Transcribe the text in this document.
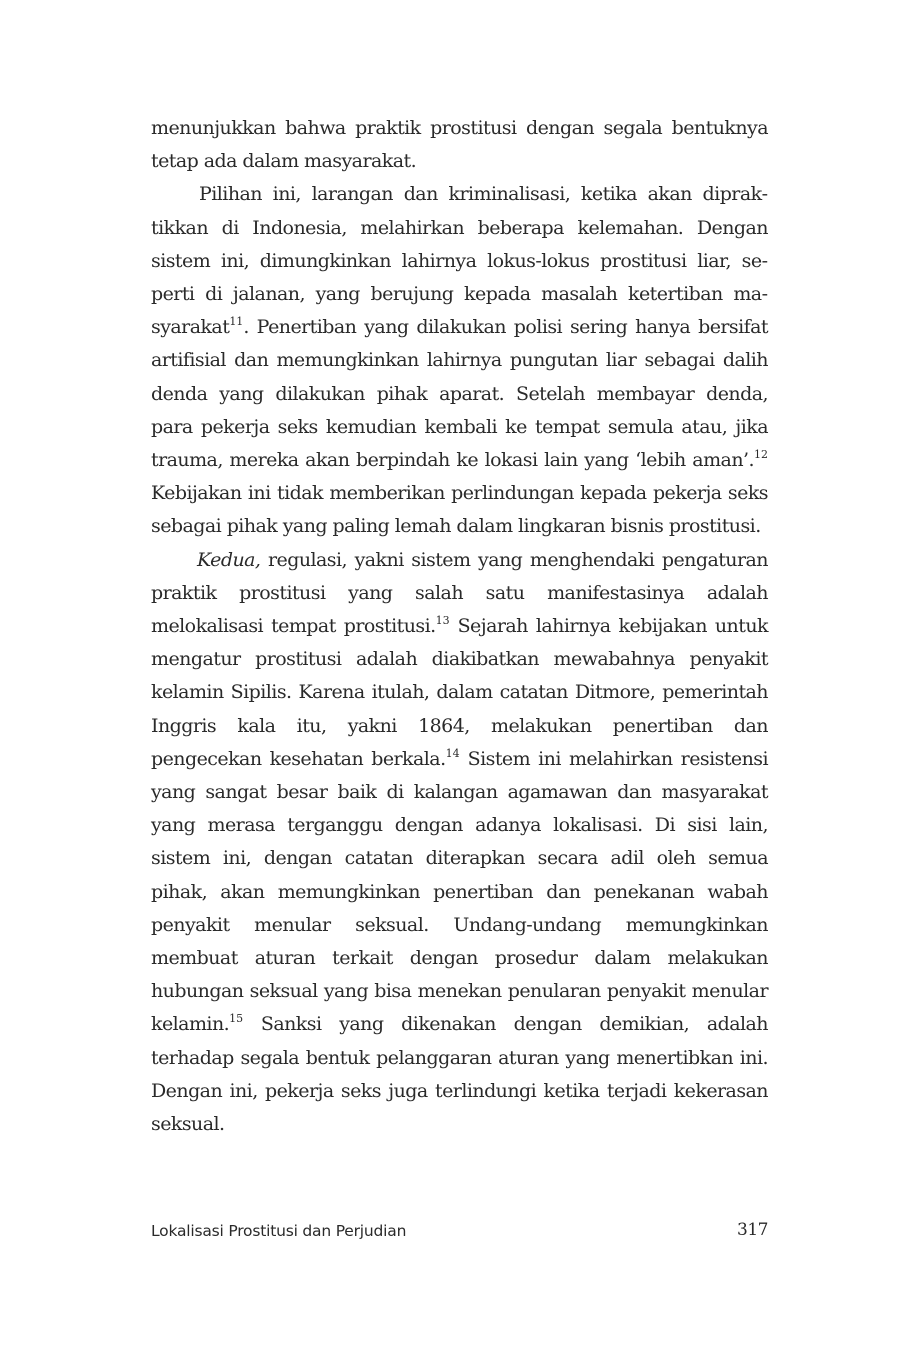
menunjukkan bahwa praktik prostitusi dengan segala bentuknya tetap ada dalam masyarakat.

Pilihan ini, larangan dan kriminalisasi, ketika akan dipraktikkan di Indonesia, melahirkan beberapa kelemahan. Dengan sistem ini, dimungkinkan lahirnya lokus-lokus prostitusi liar, seperti di jalanan, yang berujung kepada masalah ketertiban masyarakat$^{11}$. Penertiban yang dilakukan polisi sering hanya bersifat artifisial dan memungkinkan lahirnya pungutan liar sebagai dalih denda yang dilakukan pihak aparat. Setelah membayar denda, para pekerja seks kemudian kembali ke tempat semula atau, jika trauma, mereka akan berpindah ke lokasi lain yang ‘lebih aman’.$^{12}$ Kebijakan ini tidak memberikan perlindungan kepada pekerja seks sebagai pihak yang paling lemah dalam lingkaran bisnis prostitusi.

Kedua, regulasi, yakni sistem yang menghendaki pengaturan praktik prostitusi yang salah satu manifestasinya adalah melokalisasi tempat prostitusi.$^{13}$ Sejarah lahirnya kebijakan untuk mengatur prostitusi adalah diakibatkan mewabahnya penyakit kelamin Sipilis. Karena itulah, dalam catatan Ditmore, pemerintah Inggris kala itu, yakni 1864, melakukan penertiban dan pengecekan kesehatan berkala.$^{14}$ Sistem ini melahirkan resistensi yang sangat besar baik di kalangan agamawan dan masyarakat yang merasa terganggu dengan adanya lokalisasi. Di sisi lain, sistem ini, dengan catatan diterapkan secara adil oleh semua pihak, akan memungkinkan penertiban dan penekanan wabah penyakit menular seksual. Undang-undang memungkinkan membuat aturan terkait dengan prosedur dalam melakukan hubungan seksual yang bisa menekan penularan penyakit menular kelamin.$^{15}$ Sanksi yang dikenakan dengan demikian, adalah terhadap segala bentuk pelanggaran aturan yang menertibkan ini. Dengan ini, pekerja seks juga terlindungi ketika terjadi kekerasan seksual.

Lokalisasi Prostitusi dan Perjudian	317
